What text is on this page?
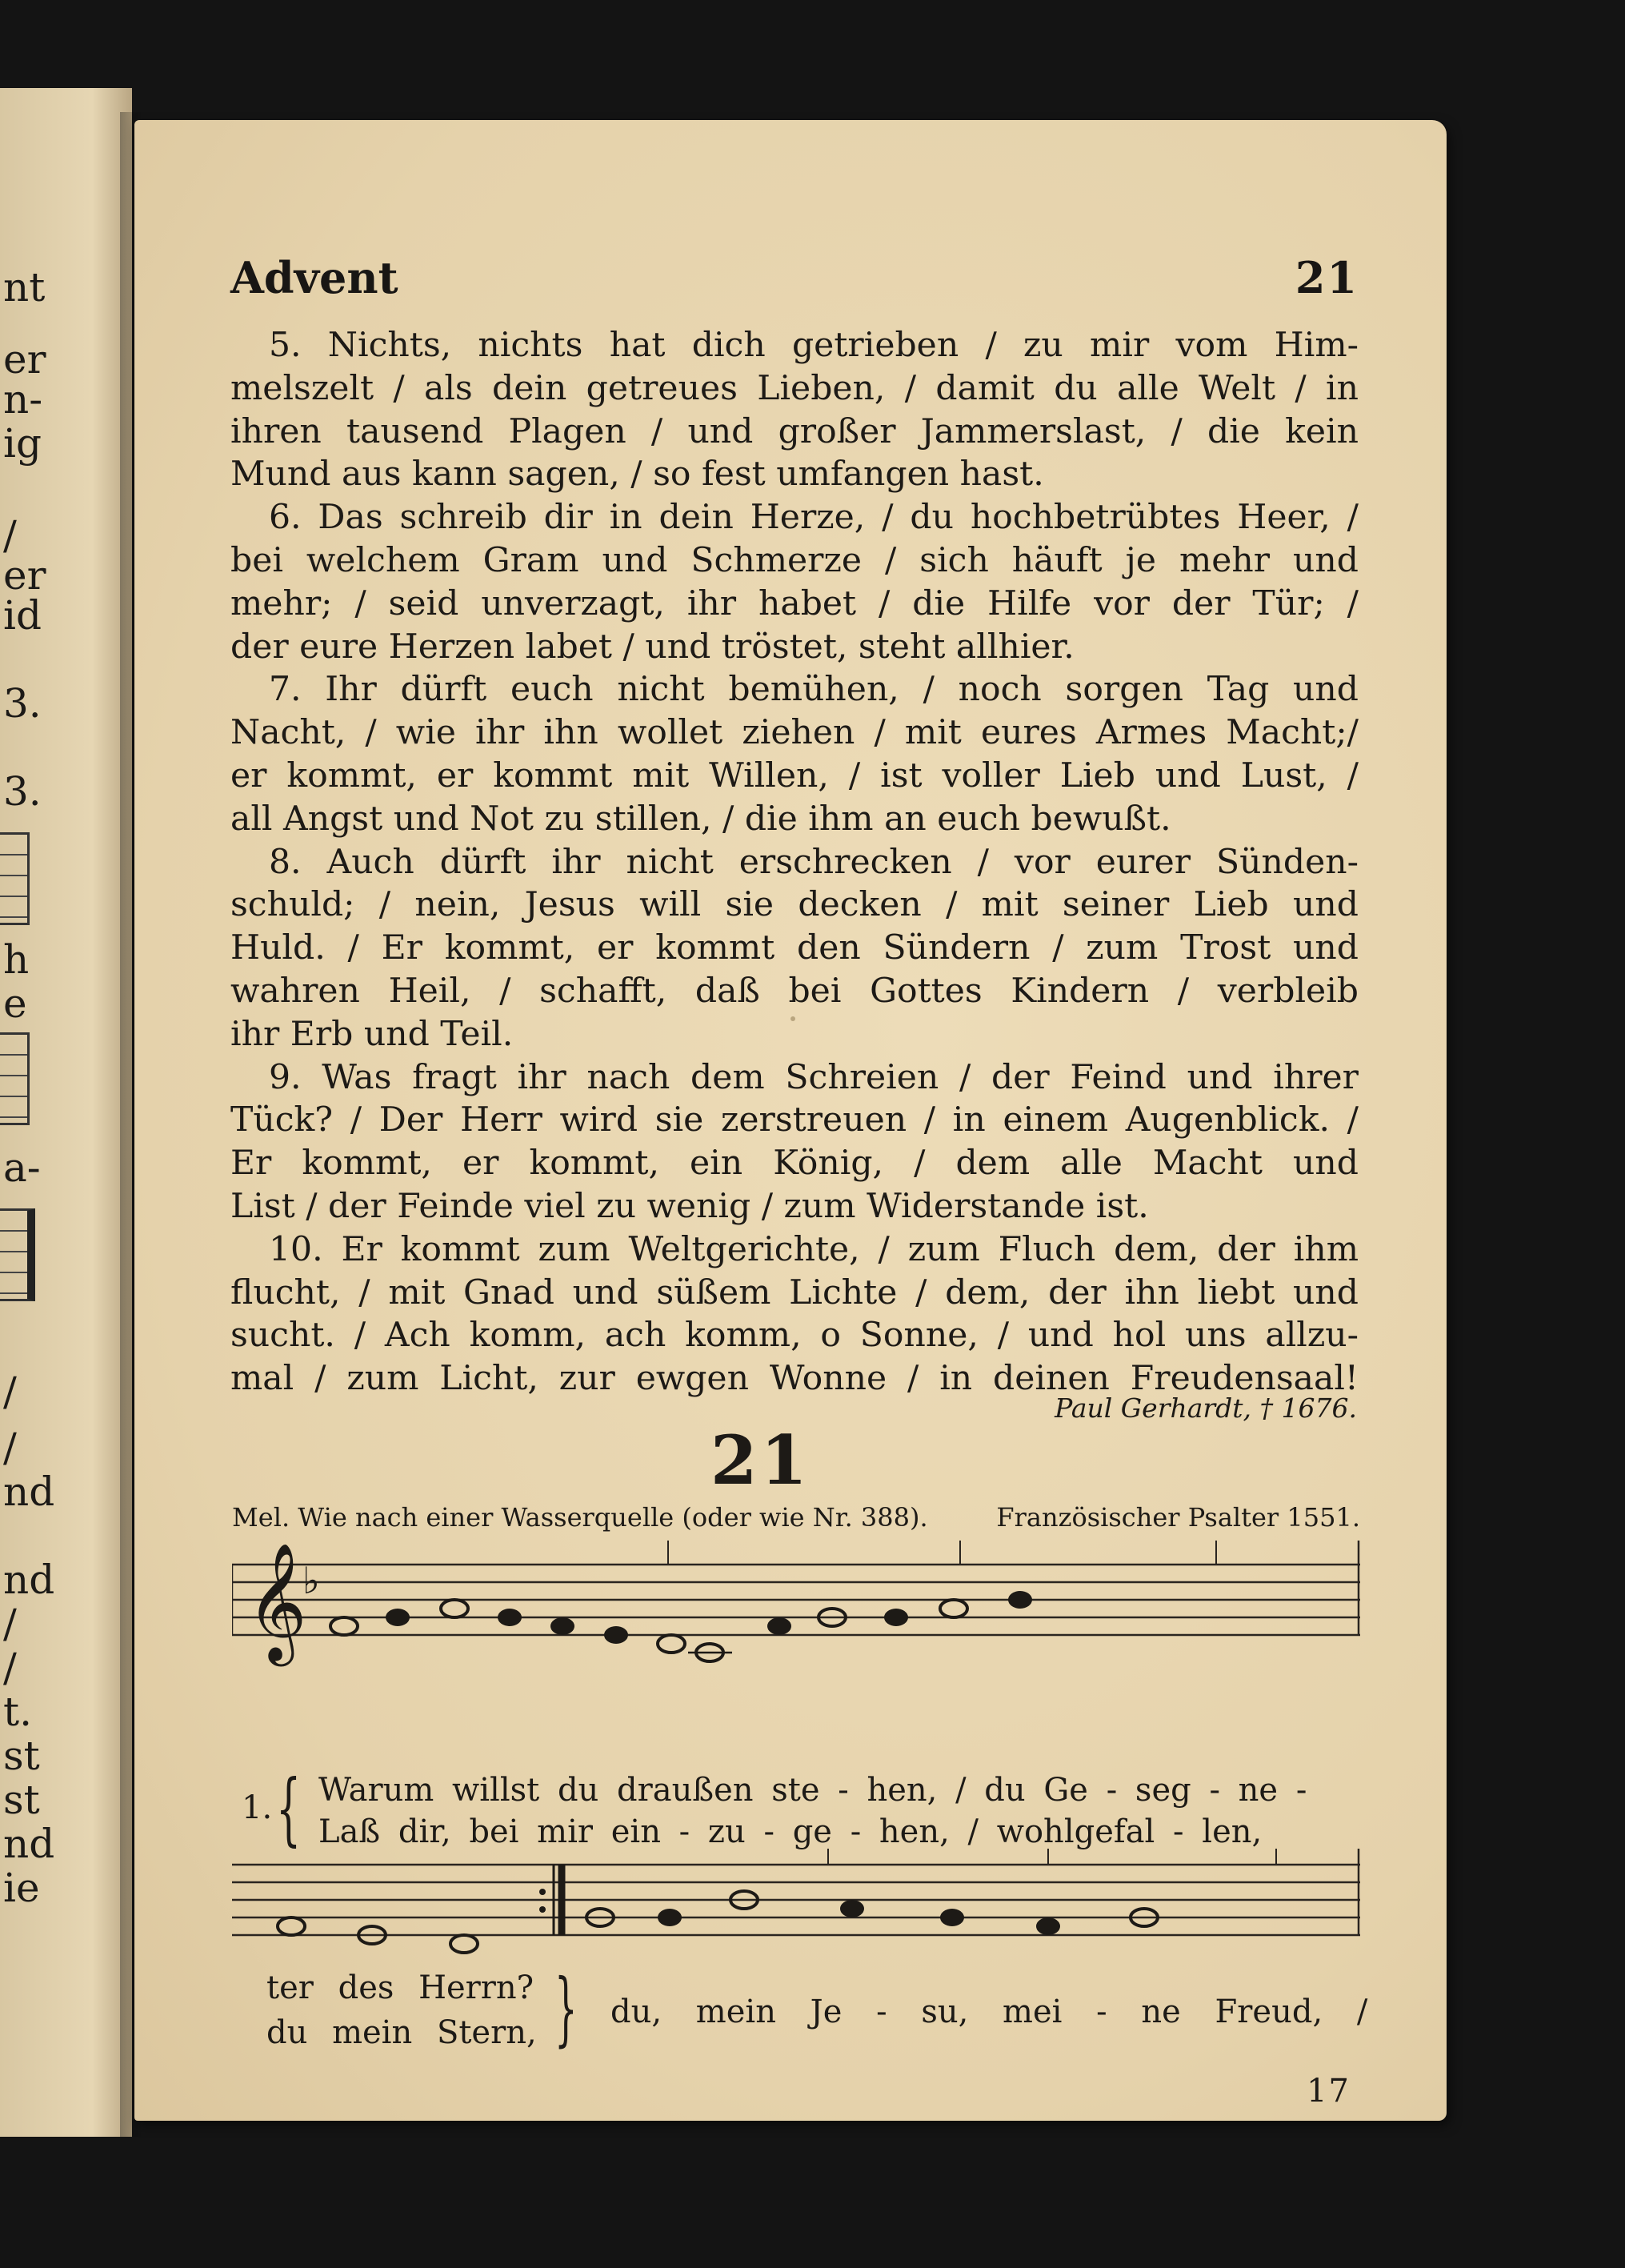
nt
er
n-
ig
/
er
id
3.
3.
h
e
a-
/
/
nd
nd
/
/
t.
st
st
nd
ie
Advent	21
5. Nichts, nichts hat dich getrieben / zu mir vom Him-
melszelt / als dein getreues Lieben, / damit du alle Welt / in
ihren tausend Plagen / und großer Jammerslast, / die kein
Mund aus kann sagen, / so fest umfangen hast.
6. Das schreib dir in dein Herze, / du hochbetrübtes Heer, /
bei welchem Gram und Schmerze / sich häuft je mehr und
mehr; / seid unverzagt, ihr habet / die Hilfe vor der Tür; /
der eure Herzen labet / und tröstet, steht allhier.
7. Ihr dürft euch nicht bemühen, / noch sorgen Tag und
Nacht, / wie ihr ihn wollet ziehen / mit eures Armes Macht;/
er kommt, er kommt mit Willen, / ist voller Lieb und Lust, /
all Angst und Not zu stillen, / die ihm an euch bewußt.
8. Auch dürft ihr nicht erschrecken / vor eurer Sünden-
schuld; / nein, Jesus will sie decken / mit seiner Lieb und
Huld. / Er kommt, er kommt den Sündern / zum Trost und
wahren Heil, / schafft, daß bei Gottes Kindern / verbleib
ihr Erb und Teil.
9. Was fragt ihr nach dem Schreien / der Feind und ihrer
Tück? / Der Herr wird sie zerstreuen / in einem Augenblick. /
Er kommt, er kommt, ein König, / dem alle Macht und
List / der Feinde viel zu wenig / zum Widerstande ist.
10. Er kommt zum Weltgerichte, / zum Fluch dem, der ihm
flucht, / mit Gnad und süßem Lichte / dem, der ihn liebt und
sucht. / Ach komm, ach komm, o Sonne, / und hol uns allzu-
mal / zum Licht, zur ewgen Wonne / in deinen Freudensaal!
Paul Gerhardt, † 1676.
21
Mel. Wie nach einer Wasserquelle (oder wie Nr. 388).	Französischer Psalter 1551.
𝄞
♭
1. { Warum willst du draußen ste - hen, / du Ge - seg - ne -
Laß dir, bei mir ein - zu - ge - hen, / wohlgefal - len,
ter des Herrn?
du mein Stern, } du, mein Je - su, mei - ne Freud, /
17
